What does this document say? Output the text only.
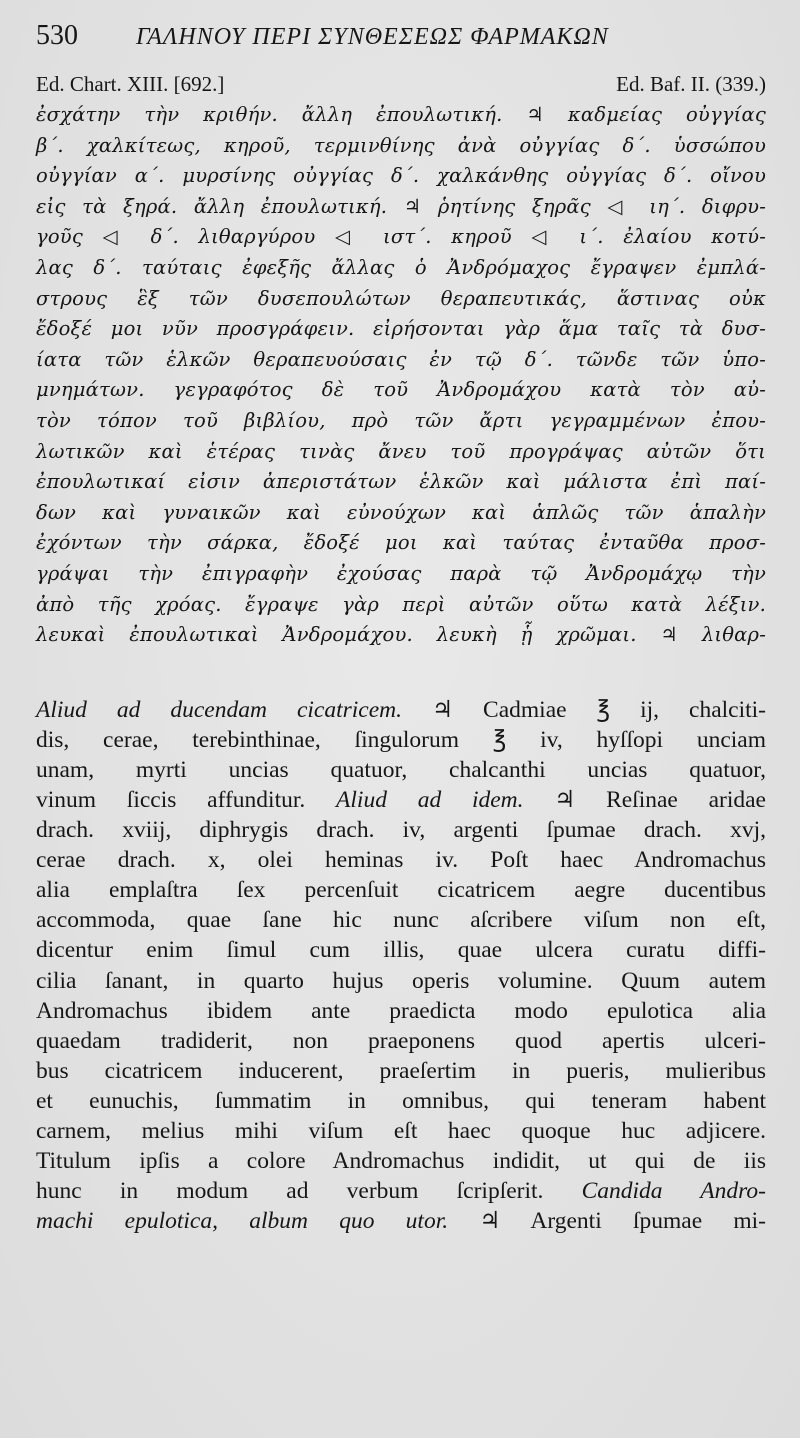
530	ΓΑΛΗΝΟΥ ΠΕΡΙ ΣΥΝΘΕΣΕΩΣ ΦΑΡΜΑΚΩΝ
Ed. Chart. XIII. [692.]	Ed. Baf. II. (339.)
ἐσχάτην τὴν κριθήν. ἄλλη ἐπουλωτική. ♃ καδμείας οὐγγίας
β΄. χαλκίτεως, κηροῦ, τερμινθίνης ἀνὰ οὐγγίας δ΄. ὑσσώπου
οὐγγίαν α΄. μυρσίνης οὐγγίας δ΄. χαλκάνθης οὐγγίας δ΄. οἴνου
εἰς τὰ ξηρά. ἄλλη ἐπουλωτική. ♃ ῥητίνης ξηρᾶς ◁ ιη΄. διφρυ-
γοῦς ◁ δ΄. λιθαργύρου ◁ ιστ΄. κηροῦ ◁ ι΄. ἐλαίου κοτύ-
λας δ΄. ταύταις ἐφεξῆς ἄλλας ὁ Ἀνδρόμαχος ἔγραψεν ἐμπλά-
στρους ἓξ τῶν δυσεπουλώτων θεραπευτικάς, ἅστινας οὐκ
ἔδοξέ μοι νῦν προσγράφειν. εἰρήσονται γὰρ ἅμα ταῖς τὰ δυσ-
ίατα τῶν ἑλκῶν θεραπευούσαις ἐν τῷ δ΄. τῶνδε τῶν ὑπο-
μνημάτων. γεγραφότος δὲ τοῦ Ἀνδρομάχου κατὰ τὸν αὐ-
τὸν τόπον τοῦ βιβλίου, πρὸ τῶν ἄρτι γεγραμμένων ἐπου-
λωτικῶν καὶ ἑτέρας τινὰς ἄνευ τοῦ προγράψας αὐτῶν ὅτι
ἐπουλωτικαί εἰσιν ἀπεριστάτων ἑλκῶν καὶ μάλιστα ἐπὶ παί-
δων καὶ γυναικῶν καὶ εὐνούχων καὶ ἁπλῶς τῶν ἁπαλὴν
ἐχόντων τὴν σάρκα, ἔδοξέ μοι καὶ ταύτας ἐνταῦθα προσ-
γράψαι τὴν ἐπιγραφὴν ἐχούσας παρὰ τῷ Ἀνδρομάχῳ τὴν
ἀπὸ τῆς χρόας. ἔγραψε γὰρ περὶ αὐτῶν οὕτω κατὰ λέξιν.
λευκαὶ ἐπουλωτικαὶ Ἀνδρομάχου. λευκὴ ᾗ χρῶμαι. ♃ λιθαρ-
Aliud ad ducendam cicatricem. ♃ Cadmiae ℥ ij, chalciti-
dis, cerae, terebinthinae, ſingulorum ℥ iv, hyſſopi unciam
unam, myrti uncias quatuor, chalcanthi uncias quatuor,
vinum ſiccis affunditur. Aliud ad idem. ♃ Reſinae aridae
drach. xviij, diphrygis drach. iv, argenti ſpumae drach. xvj,
cerae drach. x, olei heminas iv. Poſt haec Andromachus
alia emplaſtra ſex percenſuit cicatricem aegre ducentibus
accommoda, quae ſane hic nunc aſcribere viſum non eſt,
dicentur enim ſimul cum illis, quae ulcera curatu diffi-
cilia ſanant, in quarto hujus operis volumine. Quum autem
Andromachus ibidem ante praedicta modo epulotica alia
quaedam tradiderit, non praeponens quod apertis ulceri-
bus cicatricem inducerent, praeſertim in pueris, mulieribus
et eunuchis, ſummatim in omnibus, qui teneram habent
carnem, melius mihi viſum eſt haec quoque huc adjicere.
Titulum ipſis a colore Andromachus indidit, ut qui de iis
hunc in modum ad verbum ſcripſerit. Candida Andro-
machi epulotica, album quo utor. ♃ Argenti ſpumae mi-
